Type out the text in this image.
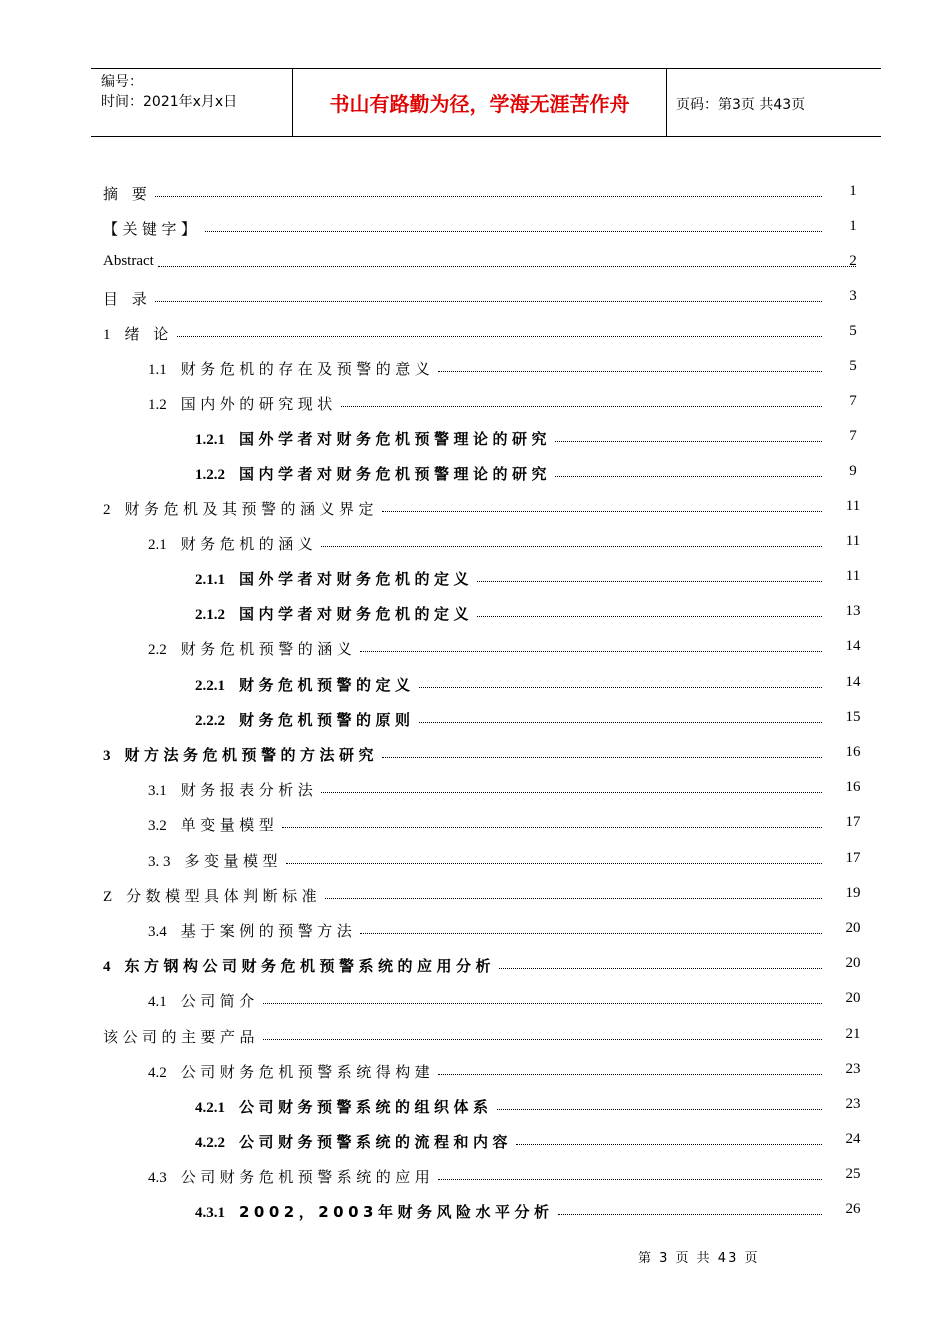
编号：
时间：2021年x月x日	书山有路勤为径，学海无涯苦作舟	页码：第3页 共43页
摘 要	1
【关键字】	1
Abstract	2
目 录	3
1 绪 论	5
1.1 财务危机的存在及预警的意义	5
1.2 国内外的研究现状	7
1.2.1 国外学者对财务危机预警理论的研究	7
1.2.2 国内学者对财务危机预警理论的研究	9
2 财务危机及其预警的涵义界定	11
2.1 财务危机的涵义	11
2.1.1 国外学者对财务危机的定义	11
2.1.2 国内学者对财务危机的定义	13
2.2 财务危机预警的涵义	14
2.2.1 财务危机预警的定义	14
2.2.2 财务危机预警的原则	15
3 财方法务危机预警的方法研究	16
3.1 财务报表分析法	16
3.2 单变量模型	17
3. 3 多变量模型	17
Z 分数模型具体判断标准	19
3.4 基于案例的预警方法	20
4 东方钢构公司财务危机预警系统的应用分析	20
4.1 公司简介	20
该公司的主要产品	21
4.2 公司财务危机预警系统得构建	23
4.2.1 公司财务预警系统的组织体系	23
4.2.2 公司财务预警系统的流程和内容	24
4.3 公司财务危机预警系统的应用	25
4.3.1 2002，2003年财务风险水平分析	26
第 3 页 共 43 页
